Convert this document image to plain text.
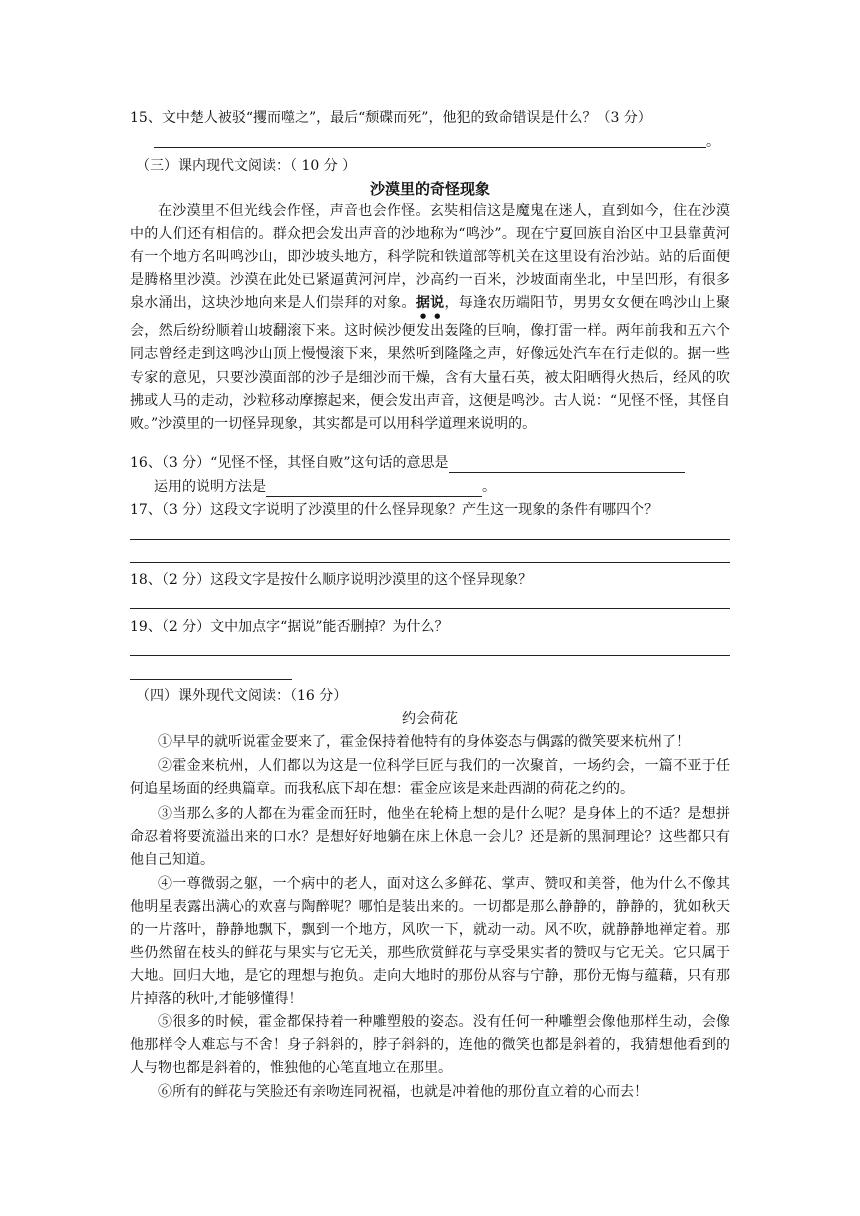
15、文中楚人被驳“攫而噬之”，最后“颓碟而死”，他犯的致命错误是什么？（3 分）
。
（三）课内现代文阅读：（ 10 分 ）
沙漠里的奇怪现象
在沙漠里不但光线会作怪，声音也会作怪。玄奘相信这是魔鬼在迷人，直到如今，住在沙漠中的人们还有相信的。群众把会发出声音的沙地称为“鸣沙”。现在宁夏回族自治区中卫县靠黄河有一个地方名叫鸣沙山，即沙坡头地方，科学院和铁道部等机关在这里设有治沙站。站的后面便是腾格里沙漠。沙漠在此处已紧逼黄河河岸，沙高约一百米，沙坡面南坐北，中呈凹形，有很多泉水涌出，这块沙地向来是人们崇拜的对象。据说，每逢农历端阳节，男男女女便在鸣沙山上聚会，然后纷纷顺着山坡翻滚下来。这时候沙便发出轰隆的巨响，像打雷一样。两年前我和五六个同志曾经走到这鸣沙山顶上慢慢滚下来，果然听到隆隆之声，好像远处汽车在行走似的。据一些专家的意见，只要沙漠面部的沙子是细沙而干燥，含有大量石英，被太阳晒得火热后，经风的吹拂或人马的走动，沙粒移动摩擦起来，便会发出声音，这便是鸣沙。古人说：“见怪不怪，其怪自败。”沙漠里的一切怪异现象，其实都是可以用科学道理来说明的。
16、（3 分）“见怪不怪，其怪自败”这句话的意思是
运用的说明方法是	。
17、（3 分）这段文字说明了沙漠里的什么怪异现象？产生这一现象的条件有哪四个？
18、（2 分）这段文字是按什么顺序说明沙漠里的这个怪异现象？
19、（2 分）文中加点字“据说”能否删掉？为什么？
（四）课外现代文阅读：（16 分）
约会荷花
①早早的就听说霍金要来了，霍金保持着他特有的身体姿态与偶露的微笑要来杭州了！
②霍金来杭州，人们都以为这是一位科学巨匠与我们的一次聚首，一场约会，一篇不亚于任何追星场面的经典篇章。而我私底下却在想：霍金应该是来赴西湖的荷花之约的。
③当那么多的人都在为霍金而狂时，他坐在轮椅上想的是什么呢？是身体上的不适？是想拼命忍着将要流溢出来的口水？是想好好地躺在床上休息一会儿？还是新的黑洞理论？这些都只有他自己知道。
④一尊微弱之躯，一个病中的老人，面对这么多鲜花、掌声、赞叹和美誉，他为什么不像其他明星表露出满心的欢喜与陶醉呢？哪怕是装出来的。一切都是那么静静的，静静的，犹如秋天的一片落叶，静静地飘下，飘到一个地方，风吹一下，就动一动。风不吹，就静静地禅定着。那些仍然留在枝头的鲜花与果实与它无关，那些欣赏鲜花与享受果实者的赞叹与它无关。它只属于大地。回归大地，是它的理想与抱负。走向大地时的那份从容与宁静，那份无悔与蕴藉，只有那片掉落的秋叶,才能够懂得！
⑤很多的时候，霍金都保持着一种雕塑般的姿态。没有任何一种雕塑会像他那样生动，会像他那样令人难忘与不舍！身子斜斜的，脖子斜斜的，连他的微笑也都是斜着的，我猜想他看到的人与物也都是斜着的，惟独他的心笔直地立在那里。
⑥所有的鲜花与笑脸还有亲吻连同祝福，也就是冲着他的那份直立着的心而去！
